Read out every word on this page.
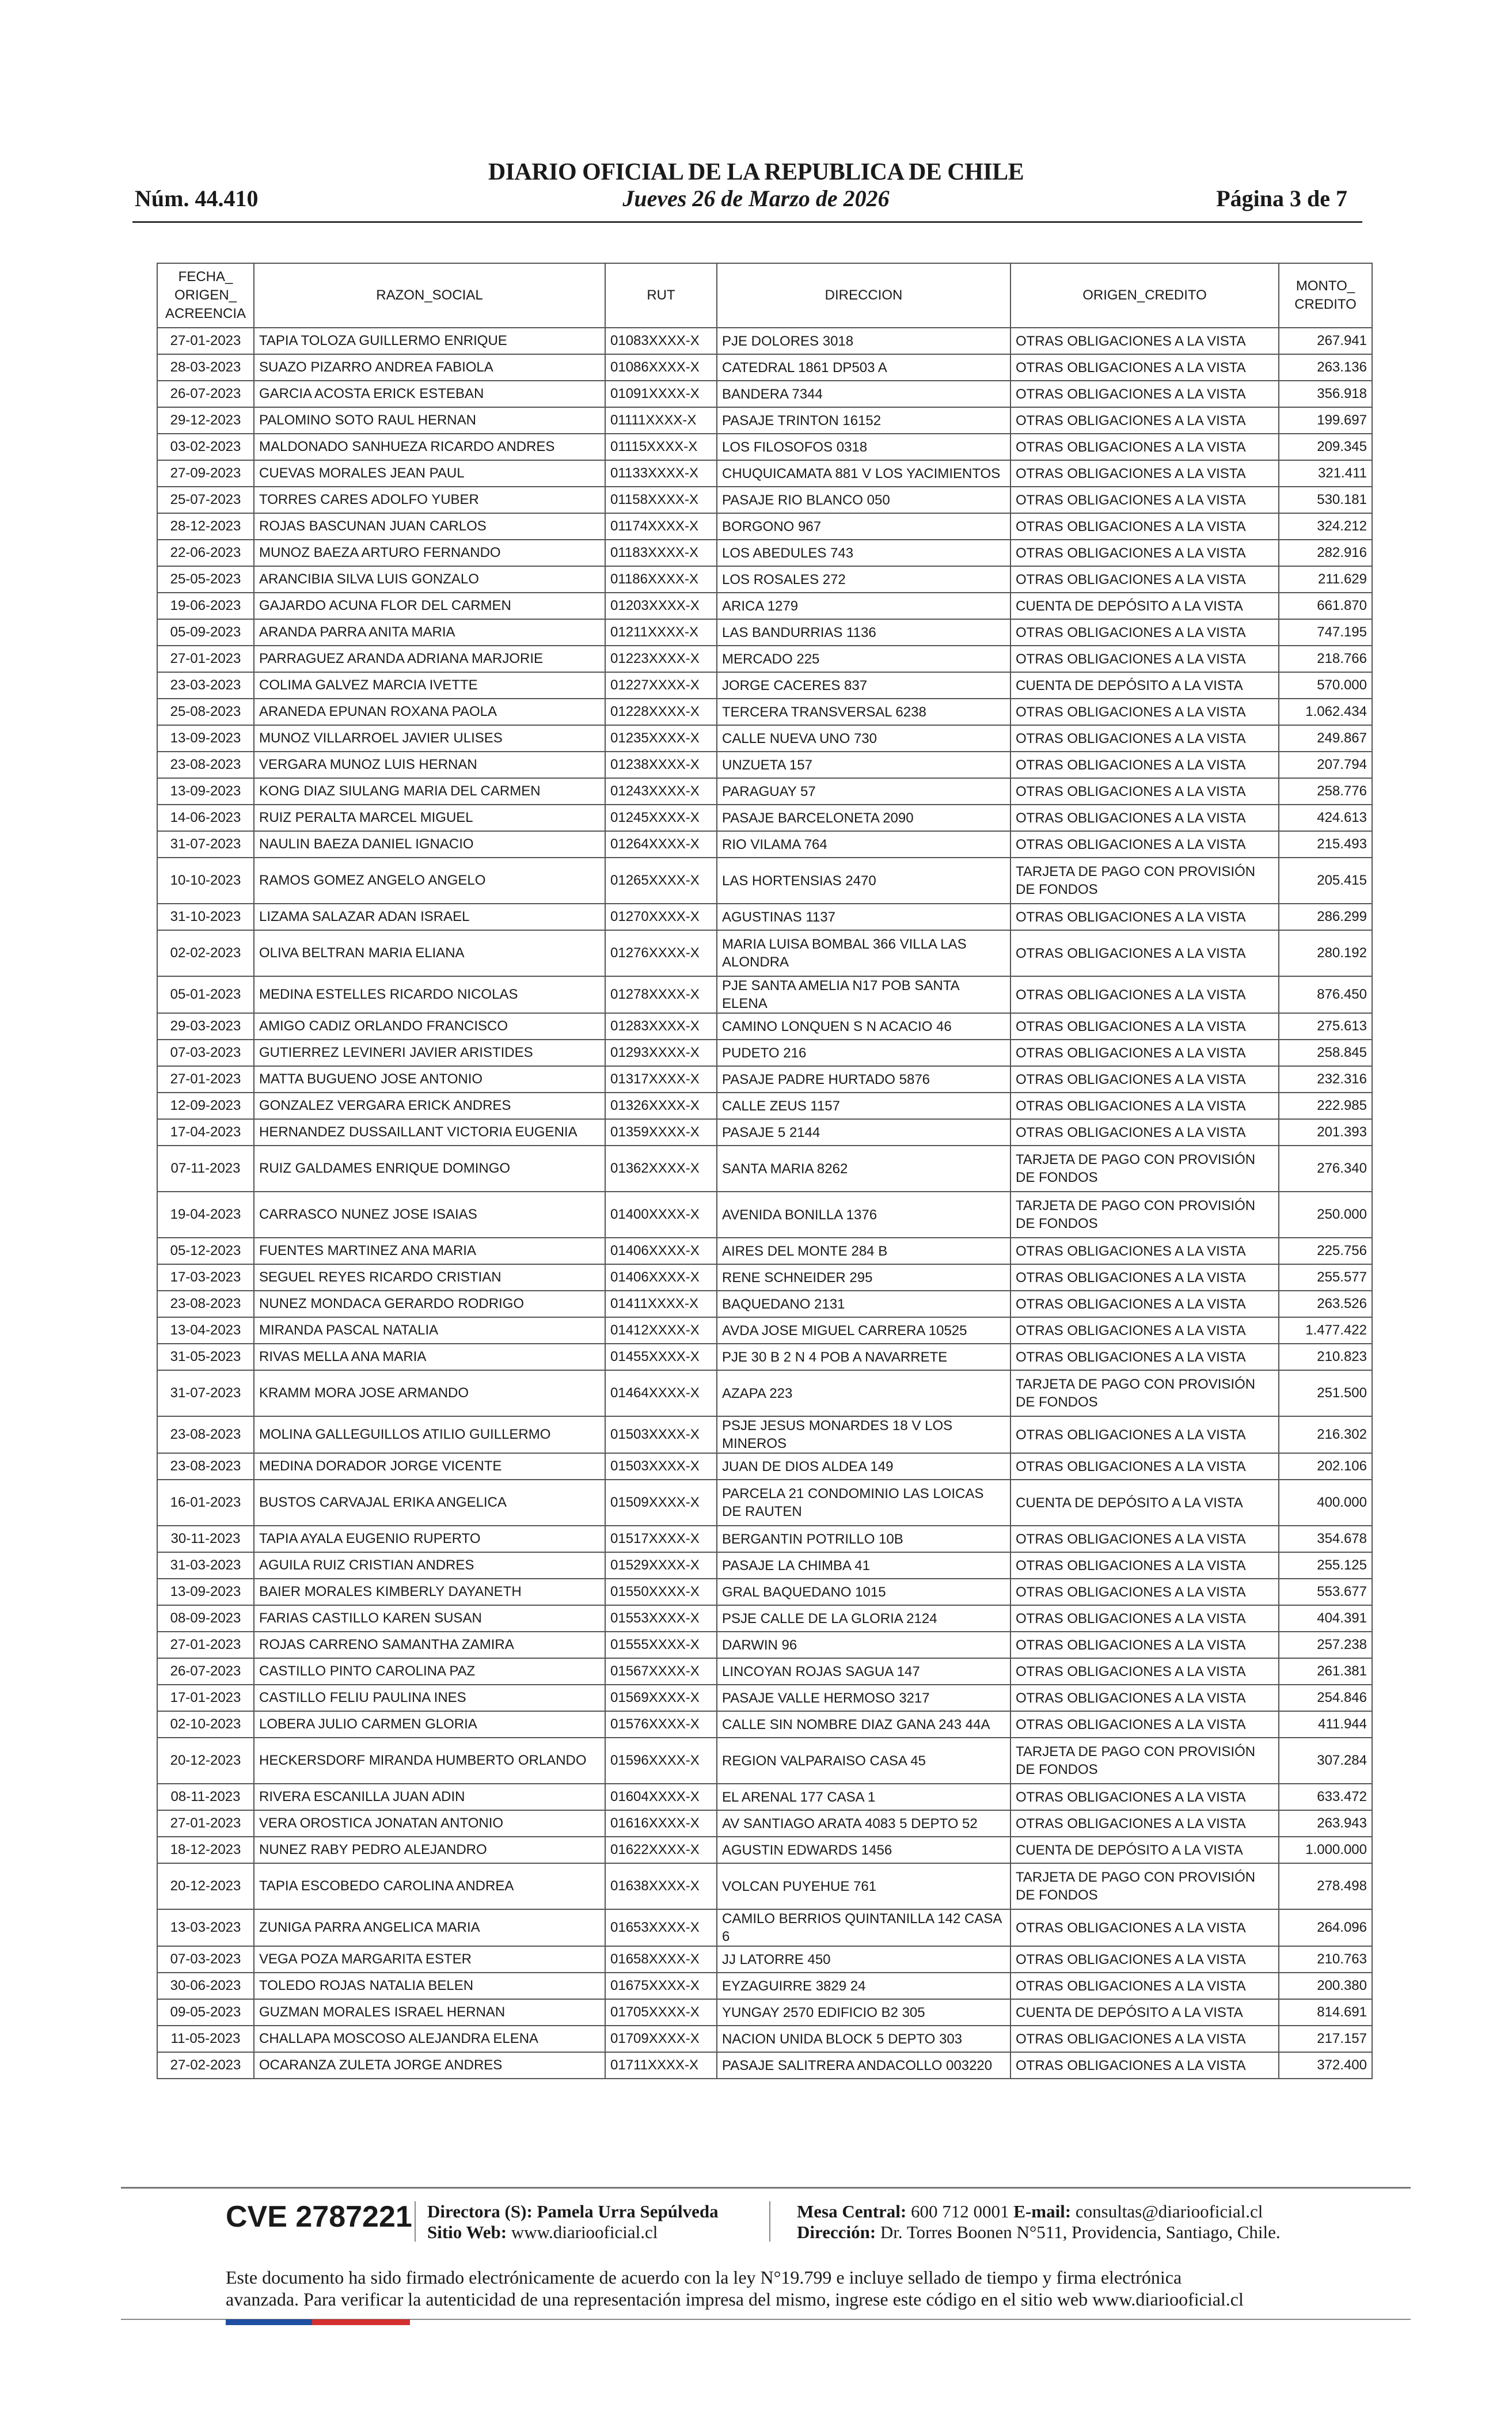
DIARIO OFICIAL DE LA REPUBLICA DE CHILE
Núm. 44.410	Jueves 26 de Marzo de 2026	Página 3 de 7
FECHA_ ORIGEN_ ACREENCIA	RAZON_SOCIAL	RUT	DIRECCION	ORIGEN_CREDITO	MONTO_ CREDITO
27-01-2023	TAPIA TOLOZA GUILLERMO ENRIQUE	01083XXXX-X	PJE DOLORES 3018	OTRAS OBLIGACIONES A LA VISTA	267.941
28-03-2023	SUAZO PIZARRO ANDREA FABIOLA	01086XXXX-X	CATEDRAL 1861 DP503 A	OTRAS OBLIGACIONES A LA VISTA	263.136
26-07-2023	GARCIA ACOSTA ERICK ESTEBAN	01091XXXX-X	BANDERA 7344	OTRAS OBLIGACIONES A LA VISTA	356.918
29-12-2023	PALOMINO SOTO RAUL HERNAN	01111XXXX-X	PASAJE TRINTON 16152	OTRAS OBLIGACIONES A LA VISTA	199.697
03-02-2023	MALDONADO SANHUEZA RICARDO ANDRES	01115XXXX-X	LOS FILOSOFOS 0318	OTRAS OBLIGACIONES A LA VISTA	209.345
27-09-2023	CUEVAS MORALES JEAN PAUL	01133XXXX-X	CHUQUICAMATA 881 V LOS YACIMIENTOS	OTRAS OBLIGACIONES A LA VISTA	321.411
25-07-2023	TORRES CARES ADOLFO YUBER	01158XXXX-X	PASAJE RIO BLANCO 050	OTRAS OBLIGACIONES A LA VISTA	530.181
28-12-2023	ROJAS BASCUNAN JUAN CARLOS	01174XXXX-X	BORGONO 967	OTRAS OBLIGACIONES A LA VISTA	324.212
22-06-2023	MUNOZ BAEZA ARTURO FERNANDO	01183XXXX-X	LOS ABEDULES 743	OTRAS OBLIGACIONES A LA VISTA	282.916
25-05-2023	ARANCIBIA SILVA LUIS GONZALO	01186XXXX-X	LOS ROSALES 272	OTRAS OBLIGACIONES A LA VISTA	211.629
19-06-2023	GAJARDO ACUNA FLOR DEL CARMEN	01203XXXX-X	ARICA 1279	CUENTA DE DEPÓSITO A LA VISTA	661.870
05-09-2023	ARANDA PARRA ANITA MARIA	01211XXXX-X	LAS BANDURRIAS 1136	OTRAS OBLIGACIONES A LA VISTA	747.195
27-01-2023	PARRAGUEZ ARANDA ADRIANA MARJORIE	01223XXXX-X	MERCADO 225	OTRAS OBLIGACIONES A LA VISTA	218.766
23-03-2023	COLIMA GALVEZ MARCIA IVETTE	01227XXXX-X	JORGE CACERES 837	CUENTA DE DEPÓSITO A LA VISTA	570.000
25-08-2023	ARANEDA EPUNAN ROXANA PAOLA	01228XXXX-X	TERCERA TRANSVERSAL 6238	OTRAS OBLIGACIONES A LA VISTA	1.062.434
13-09-2023	MUNOZ VILLARROEL JAVIER ULISES	01235XXXX-X	CALLE NUEVA UNO 730	OTRAS OBLIGACIONES A LA VISTA	249.867
23-08-2023	VERGARA MUNOZ LUIS HERNAN	01238XXXX-X	UNZUETA 157	OTRAS OBLIGACIONES A LA VISTA	207.794
13-09-2023	KONG DIAZ SIULANG MARIA DEL CARMEN	01243XXXX-X	PARAGUAY 57	OTRAS OBLIGACIONES A LA VISTA	258.776
14-06-2023	RUIZ PERALTA MARCEL MIGUEL	01245XXXX-X	PASAJE BARCELONETA 2090	OTRAS OBLIGACIONES A LA VISTA	424.613
31-07-2023	NAULIN BAEZA DANIEL IGNACIO	01264XXXX-X	RIO VILAMA 764	OTRAS OBLIGACIONES A LA VISTA	215.493
10-10-2023	RAMOS GOMEZ ANGELO ANGELO	01265XXXX-X	LAS HORTENSIAS 2470	TARJETA DE PAGO CON PROVISIÓN DE FONDOS	205.415
31-10-2023	LIZAMA SALAZAR ADAN ISRAEL	01270XXXX-X	AGUSTINAS 1137	OTRAS OBLIGACIONES A LA VISTA	286.299
02-02-2023	OLIVA BELTRAN MARIA ELIANA	01276XXXX-X	MARIA LUISA BOMBAL 366 VILLA LAS ALONDRA	OTRAS OBLIGACIONES A LA VISTA	280.192
05-01-2023	MEDINA ESTELLES RICARDO NICOLAS	01278XXXX-X	PJE SANTA AMELIA N17 POB SANTA ELENA	OTRAS OBLIGACIONES A LA VISTA	876.450
29-03-2023	AMIGO CADIZ ORLANDO FRANCISCO	01283XXXX-X	CAMINO LONQUEN S N ACACIO 46	OTRAS OBLIGACIONES A LA VISTA	275.613
07-03-2023	GUTIERREZ LEVINERI JAVIER ARISTIDES	01293XXXX-X	PUDETO 216	OTRAS OBLIGACIONES A LA VISTA	258.845
27-01-2023	MATTA BUGUENO JOSE ANTONIO	01317XXXX-X	PASAJE PADRE HURTADO 5876	OTRAS OBLIGACIONES A LA VISTA	232.316
12-09-2023	GONZALEZ VERGARA ERICK ANDRES	01326XXXX-X	CALLE ZEUS 1157	OTRAS OBLIGACIONES A LA VISTA	222.985
17-04-2023	HERNANDEZ DUSSAILLANT VICTORIA EUGENIA	01359XXXX-X	PASAJE 5 2144	OTRAS OBLIGACIONES A LA VISTA	201.393
07-11-2023	RUIZ GALDAMES ENRIQUE DOMINGO	01362XXXX-X	SANTA MARIA 8262	TARJETA DE PAGO CON PROVISIÓN DE FONDOS	276.340
19-04-2023	CARRASCO NUNEZ JOSE ISAIAS	01400XXXX-X	AVENIDA BONILLA 1376	TARJETA DE PAGO CON PROVISIÓN DE FONDOS	250.000
05-12-2023	FUENTES MARTINEZ ANA MARIA	01406XXXX-X	AIRES DEL MONTE 284 B	OTRAS OBLIGACIONES A LA VISTA	225.756
17-03-2023	SEGUEL REYES RICARDO CRISTIAN	01406XXXX-X	RENE SCHNEIDER 295	OTRAS OBLIGACIONES A LA VISTA	255.577
23-08-2023	NUNEZ MONDACA GERARDO RODRIGO	01411XXXX-X	BAQUEDANO 2131	OTRAS OBLIGACIONES A LA VISTA	263.526
13-04-2023	MIRANDA PASCAL NATALIA	01412XXXX-X	AVDA JOSE MIGUEL CARRERA 10525	OTRAS OBLIGACIONES A LA VISTA	1.477.422
31-05-2023	RIVAS MELLA ANA MARIA	01455XXXX-X	PJE 30 B 2 N 4 POB A NAVARRETE	OTRAS OBLIGACIONES A LA VISTA	210.823
31-07-2023	KRAMM MORA JOSE ARMANDO	01464XXXX-X	AZAPA 223	TARJETA DE PAGO CON PROVISIÓN DE FONDOS	251.500
23-08-2023	MOLINA GALLEGUILLOS ATILIO GUILLERMO	01503XXXX-X	PSJE JESUS MONARDES 18 V LOS MINEROS	OTRAS OBLIGACIONES A LA VISTA	216.302
23-08-2023	MEDINA DORADOR JORGE VICENTE	01503XXXX-X	JUAN DE DIOS ALDEA 149	OTRAS OBLIGACIONES A LA VISTA	202.106
16-01-2023	BUSTOS CARVAJAL ERIKA ANGELICA	01509XXXX-X	PARCELA 21 CONDOMINIO LAS LOICAS DE RAUTEN	CUENTA DE DEPÓSITO A LA VISTA	400.000
30-11-2023	TAPIA AYALA EUGENIO RUPERTO	01517XXXX-X	BERGANTIN POTRILLO 10B	OTRAS OBLIGACIONES A LA VISTA	354.678
31-03-2023	AGUILA RUIZ CRISTIAN ANDRES	01529XXXX-X	PASAJE LA CHIMBA 41	OTRAS OBLIGACIONES A LA VISTA	255.125
13-09-2023	BAIER MORALES KIMBERLY DAYANETH	01550XXXX-X	GRAL BAQUEDANO 1015	OTRAS OBLIGACIONES A LA VISTA	553.677
08-09-2023	FARIAS CASTILLO KAREN SUSAN	01553XXXX-X	PSJE CALLE DE LA GLORIA 2124	OTRAS OBLIGACIONES A LA VISTA	404.391
27-01-2023	ROJAS CARRENO SAMANTHA ZAMIRA	01555XXXX-X	DARWIN 96	OTRAS OBLIGACIONES A LA VISTA	257.238
26-07-2023	CASTILLO PINTO CAROLINA PAZ	01567XXXX-X	LINCOYAN ROJAS SAGUA 147	OTRAS OBLIGACIONES A LA VISTA	261.381
17-01-2023	CASTILLO FELIU PAULINA INES	01569XXXX-X	PASAJE VALLE HERMOSO 3217	OTRAS OBLIGACIONES A LA VISTA	254.846
02-10-2023	LOBERA JULIO CARMEN GLORIA	01576XXXX-X	CALLE SIN NOMBRE DIAZ GANA 243 44A	OTRAS OBLIGACIONES A LA VISTA	411.944
20-12-2023	HECKERSDORF MIRANDA HUMBERTO ORLANDO	01596XXXX-X	REGION VALPARAISO CASA 45	TARJETA DE PAGO CON PROVISIÓN DE FONDOS	307.284
08-11-2023	RIVERA ESCANILLA JUAN ADIN	01604XXXX-X	EL ARENAL 177 CASA 1	OTRAS OBLIGACIONES A LA VISTA	633.472
27-01-2023	VERA OROSTICA JONATAN ANTONIO	01616XXXX-X	AV SANTIAGO ARATA 4083 5 DEPTO 52	OTRAS OBLIGACIONES A LA VISTA	263.943
18-12-2023	NUNEZ RABY PEDRO ALEJANDRO	01622XXXX-X	AGUSTIN EDWARDS 1456	CUENTA DE DEPÓSITO A LA VISTA	1.000.000
20-12-2023	TAPIA ESCOBEDO CAROLINA ANDREA	01638XXXX-X	VOLCAN PUYEHUE 761	TARJETA DE PAGO CON PROVISIÓN DE FONDOS	278.498
13-03-2023	ZUNIGA PARRA ANGELICA MARIA	01653XXXX-X	CAMILO BERRIOS QUINTANILLA 142 CASA 6	OTRAS OBLIGACIONES A LA VISTA	264.096
07-03-2023	VEGA POZA MARGARITA ESTER	01658XXXX-X	JJ LATORRE 450	OTRAS OBLIGACIONES A LA VISTA	210.763
30-06-2023	TOLEDO ROJAS NATALIA BELEN	01675XXXX-X	EYZAGUIRRE 3829 24	OTRAS OBLIGACIONES A LA VISTA	200.380
09-05-2023	GUZMAN MORALES ISRAEL HERNAN	01705XXXX-X	YUNGAY 2570 EDIFICIO B2 305	CUENTA DE DEPÓSITO A LA VISTA	814.691
11-05-2023	CHALLAPA MOSCOSO ALEJANDRA ELENA	01709XXXX-X	NACION UNIDA BLOCK 5 DEPTO 303	OTRAS OBLIGACIONES A LA VISTA	217.157
27-02-2023	OCARANZA ZULETA JORGE ANDRES	01711XXXX-X	PASAJE SALITRERA ANDACOLLO 003220	OTRAS OBLIGACIONES A LA VISTA	372.400
CVE 2787221 Directora (S): Pamela Urra Sepúlveda
Sitio Web: www.diariooficial.cl
Mesa Central: 600 712 0001 E-mail: consultas@diariooficial.cl
Dirección: Dr. Torres Boonen N°511, Providencia, Santiago, Chile.
Este documento ha sido firmado electrónicamente de acuerdo con la ley N°19.799 e incluye sellado de tiempo y firma electrónica
avanzada. Para verificar la autenticidad de una representación impresa del mismo, ingrese este código en el sitio web www.diariooficial.cl
